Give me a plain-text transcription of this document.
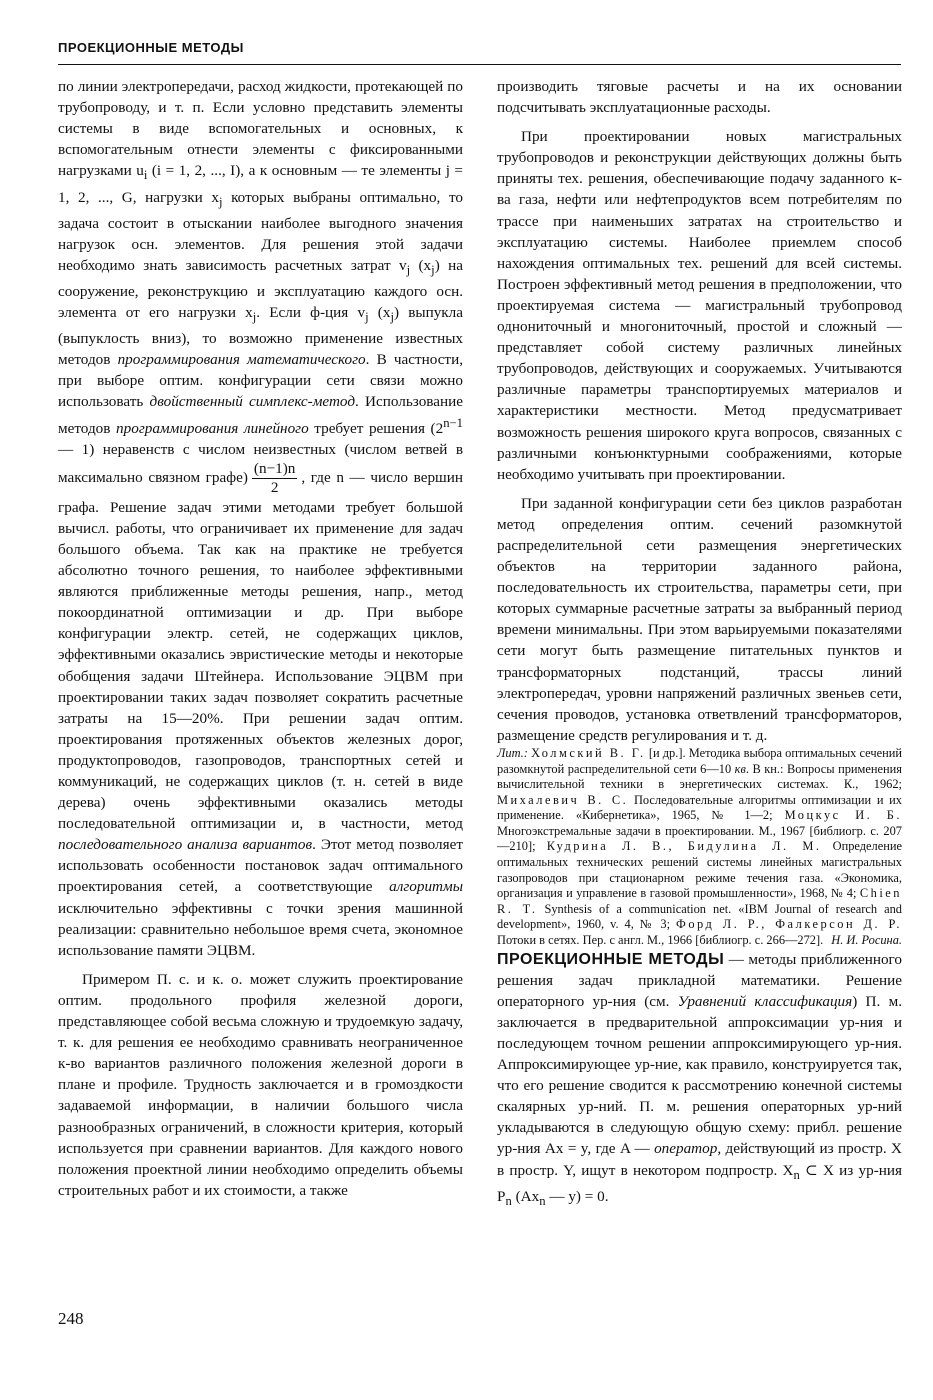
ПРОЕКЦИОННЫЕ МЕТОДЫ

по линии электропередачи, расход жидкости, протекающей по трубопроводу, и т. п. Если условно представить элементы системы в виде вспомогательных и основных, к вспомогательным отнести элементы с фиксированными нагрузками $u_i$ (i = 1, 2, ..., I), а к основным — те элементы j = 1, 2, ..., G, нагрузки $x_j$ которых выбраны оптимально, то задача состоит в отыскании наиболее выгодного значения нагрузок осн. элементов. Для решения этой задачи необходимо знать зависимость расчетных затрат $v_j$ $(x_j)$ на сооружение, реконструкцию и эксплуатацию каждого осн. элемента от его нагрузки $x_j$. Если ф-ция $v_j$ $(x_j)$ выпукла (выпуклость вниз), то возможно применение известных методов программирования математического. В частности, при выборе оптим. конфигурации сети связи можно использовать двойственный симплекс-метод. Использование методов программирования линейного требует решения ($2^{n-1}$ — 1) неравенств с числом неизвестных (числом ветвей в максимально связном графе) $\frac{(n-1)n}{2}$ , где n — число вершин графа. Решение задач этими методами требует большой вычисл. работы, что ограничивает их применение для задач большого объема. Так как на практике не требуется абсолютно точного решения, то наиболее эффективными являются приближенные методы решения, напр., метод покоординатной оптимизации и др. При выборе конфигурации электр. сетей, не содержащих циклов, эффективными оказались эвристические методы и некоторые обобщения задачи Штейнера. Использование ЭЦВМ при проектировании таких задач позволяет сократить расчетные затраты на 15—20%. При решении задач оптим. проектирования протяженных объектов железных дорог, продуктопроводов, газопроводов, транспортных сетей и коммуникаций, не содержащих циклов (т. н. сетей в виде дерева) очень эффективными оказались методы последовательной оптимизации и, в частности, метод последовательного анализа вариантов. Этот метод позволяет использовать особенности постановок задач оптимального проектирования сетей, а соответствующие алгоритмы исключительно эффективны с точки зрения машинной реализации: сравнительно небольшое время счета, экономное использование памяти ЭЦВМ.

Примером П. с. и к. о. может служить проектирование оптим. продольного профиля железной дороги, представляющее собой весьма сложную и трудоемкую задачу, т. к. для решения ее необходимо сравнивать неограниченное к-во вариантов различного положения железной дороги в плане и профиле. Трудность заключается и в громоздкости задаваемой информации, в наличии большого числа разнообразных ограничений, в сложности критерия, который используется при сравнении вариантов. Для каждого нового положения проектной линии необходимо определить объемы строительных работ и их стоимости, а также

производить тяговые расчеты и на их основании подсчитывать эксплуатационные расходы.

При проектировании новых магистральных трубопроводов и реконструкции действующих должны быть приняты тех. решения, обеспечивающие подачу заданного к-ва газа, нефти или нефтепродуктов всем потребителям по трассе при наименьших затратах на строительство и эксплуатацию системы. Наиболее приемлем способ нахождения оптимальных тех. решений для всей системы. Построен эффективный метод решения в предположении, что проектируемая система — магистральный трубопровод однониточный и многониточный, простой и сложный — представляет собой систему различных линейных трубопроводов, действующих и сооружаемых. Учитываются различные параметры транспортируемых материалов и характеристики местности. Метод предусматривает возможность решения широкого круга вопросов, связанных с различными конъюнктурными соображениями, которые необходимо учитывать при проектировании.

При заданной конфигурации сети без циклов разработан метод определения оптим. сечений разомкнутой распределительной сети размещения энергетических объектов на территории заданного района, последовательность их строительства, параметры сети, при которых суммарные расчетные затраты за выбранный период времени минимальны. При этом варьируемыми показателями сети могут быть размещение питательных пунктов и трансформаторных подстанций, трассы линий электропередач, уровни напряжений различных звеньев сети, сечения проводов, установка ответвлений трансформаторов, размещение средств регулирования и т. д.

Лит.: Холмский В. Г. [и др.]. Методика выбора оптимальных сечений разомкнутой распределительной сети 6—10 кв. В кн.: Вопросы применения вычислительной техники в энергетических системах. К., 1962; Михалевич В. С. Последовательные алгоритмы оптимизации и их применение. «Кибернетика», 1965, № 1—2; Моцкус И. Б. Многоэкстремальные задачи в проектировании. М., 1967 [библиогр. с. 207—210]; Кудрина Л. В., Бидулина Л. М. Определение оптимальных технических решений системы линейных магистральных газопроводов при стационарном режиме течения газа. «Экономика, организация и управление в газовой промышленности», 1968, № 4; Chien R. T. Synthesis of a communication net. «IBM Journal of research and development», 1960, v. 4, № 3; Форд Л. Р., Фалкерсон Д. Р. Потоки в сетях. Пер. с англ. М., 1966 [библиогр. с. 266—272]. Н. И. Росина.

ПРОЕКЦИОННЫЕ МЕТОДЫ — методы приближенного решения задач прикладной математики. Решение операторного ур-ния (см. Уравнений классификация) П. м. заключается в предварительной аппроксимации ур-ния и последующем точном решении аппроксимирующего ур-ния. Аппроксимирующее ур-ние, как правило, конструируется так, что его решение сводится к рассмотрению конечной системы скалярных ур-ний. П. м. решения операторных ур-ний укладываются в следующую общую схему: прибл. решение ур-ния Ax = y, где A — оператор, действующий из простр. X в простр. Y, ищут в некотором подпростр. $X_n$ ⊂ X из ур-ния $P_n$ ($Ax_n$ — y) = 0.

248
